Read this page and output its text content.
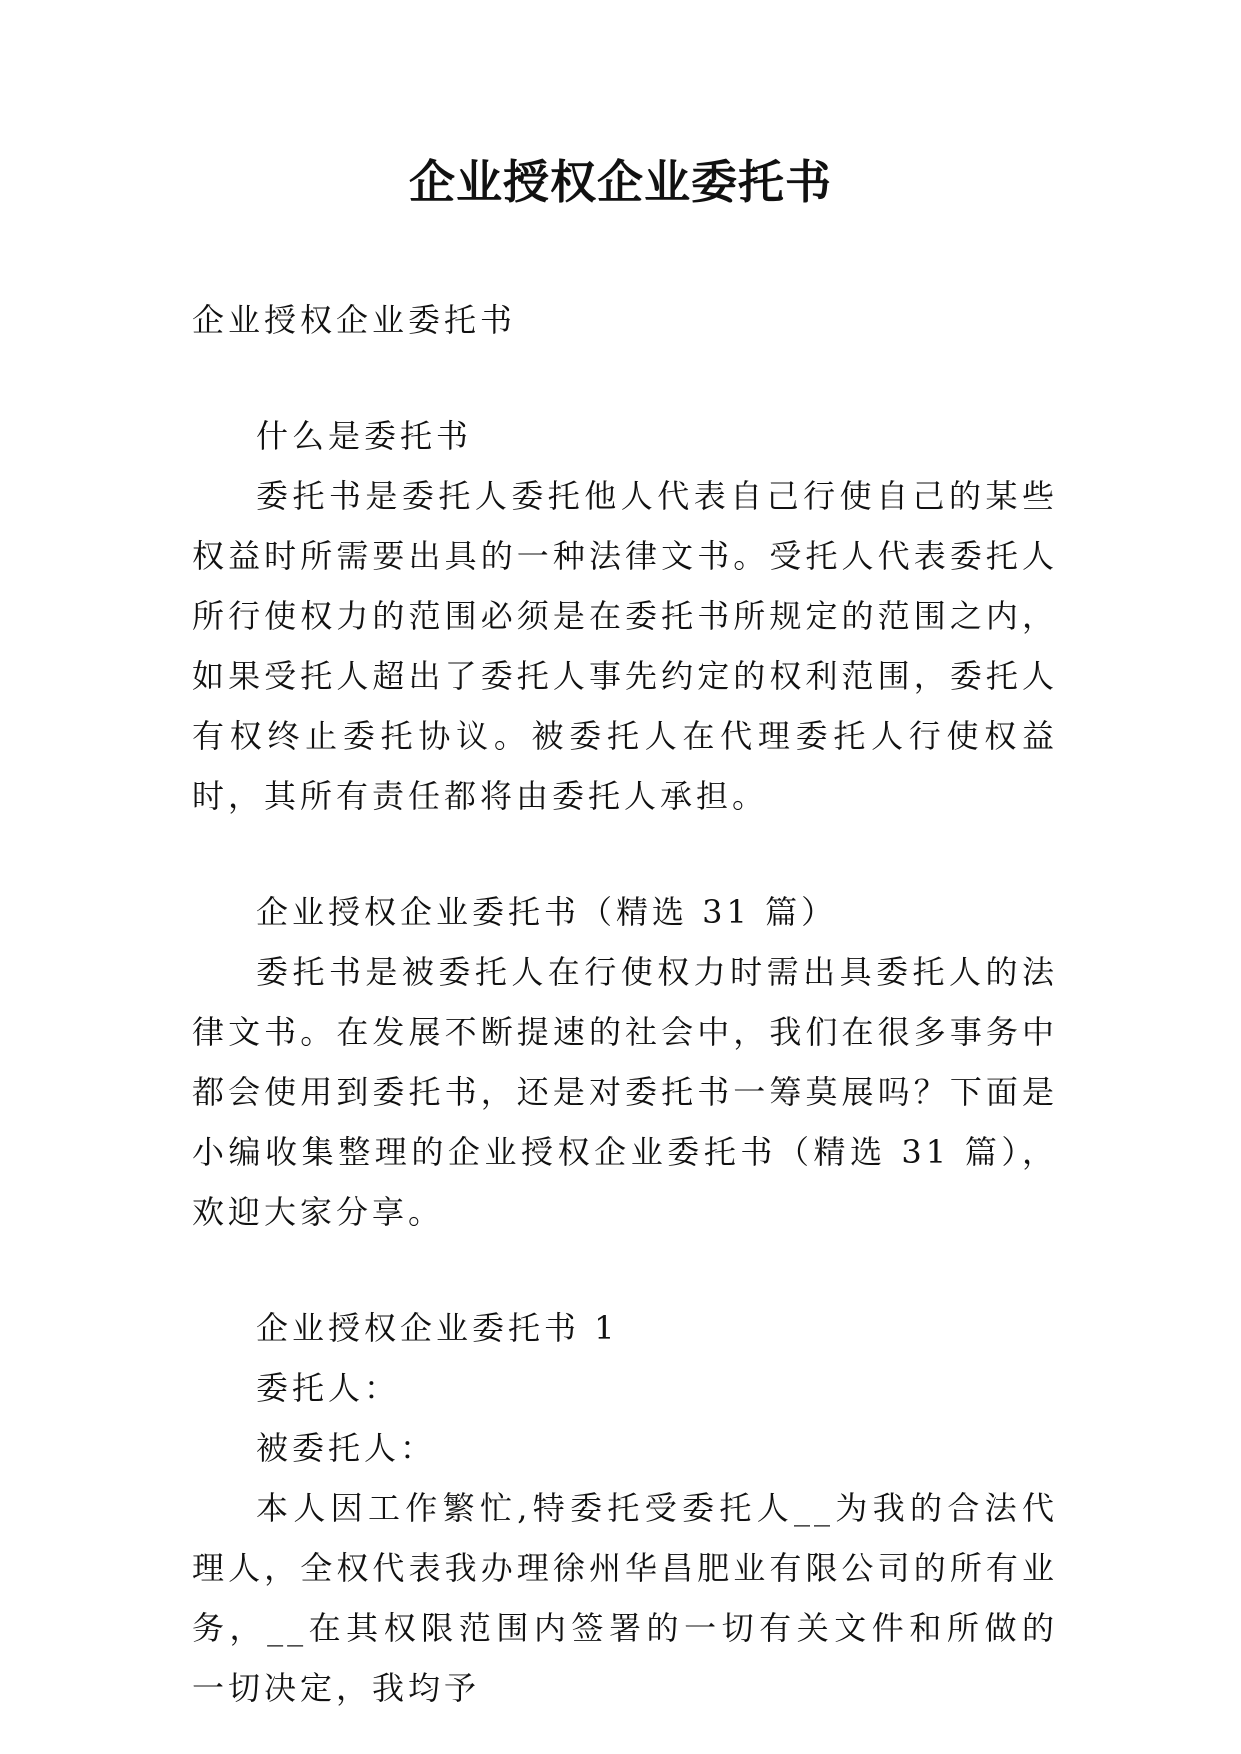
企业授权企业委托书

企业授权企业委托书

什么是委托书

委托书是委托人委托他人代表自己行使自己的某些权益时所需要出具的一种法律文书。受托人代表委托人所行使权力的范围必须是在委托书所规定的范围之内，如果受托人超出了委托人事先约定的权利范围，委托人有权终止委托协议。被委托人在代理委托人行使权益时，其所有责任都将由委托人承担。

企业授权企业委托书（精选 31 篇）

委托书是被委托人在行使权力时需出具委托人的法律文书。在发展不断提速的社会中，我们在很多事务中都会使用到委托书，还是对委托书一筹莫展吗？下面是小编收集整理的企业授权企业委托书（精选 31 篇），欢迎大家分享。

企业授权企业委托书 1

委托人：

被委托人：

本人因工作繁忙,特委托受委托人__为我的合法代理人，全权代表我办理徐州华昌肥业有限公司的所有业务，__在其权限范围内签署的一切有关文件和所做的一切决定，我均予
